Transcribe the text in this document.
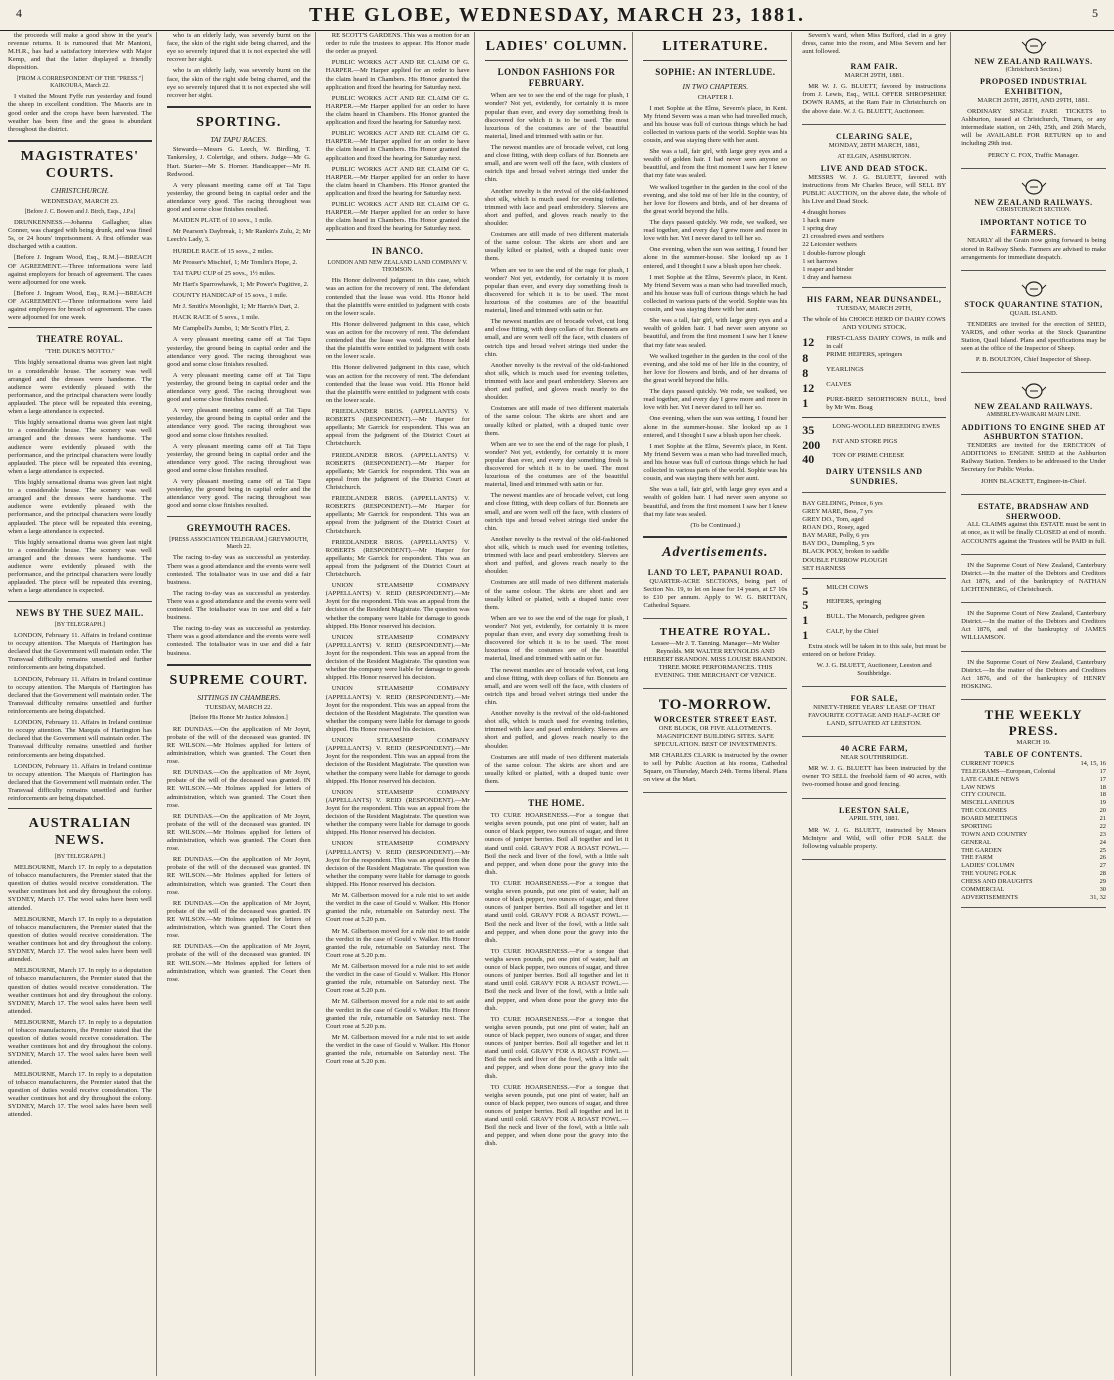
4	THE GLOBE, WEDNESDAY, MARCH 23, 1881.	5

the proceeds will make a good show in the year's revenue returns. It is rumoured that Mr Mantoni, M.H.R., has had a satisfactory interview with Major Kemp, and that the latter displayed a friendly disposition.

[FROM A CORRESPONDENT OF THE "PRESS."] KAIKOURA, March 22.

I visited the Mount Fyffe run yesterday and found the sheep in excellent condition. The Maoris are in good order and the crops have been harvested. The weather has been fine and the grass is abundant throughout the district.

MAGISTRATES' COURTS.
CHRISTCHURCH.

WEDNESDAY, MARCH 23.

[Before J. C. Bowen and J. Birch, Esqs., J.P.s]

DRUNKENNESS.—Johanna Gallagher, alias Conner, was charged with being drunk, and was fined 5s, or 24 hours' imprisonment. A first offender was discharged with a caution.

[Before J. Ingram Wood, Esq., R.M.]—BREACH OF AGREEMENT.—Three informations were laid against employers for breach of agreement. The cases were adjourned for one week.

[Before J. Ingram Wood, Esq., R.M.]—BREACH OF AGREEMENT.—Three informations were laid against employers for breach of agreement. The cases were adjourned for one week.

THEATRE ROYAL.

"THE DUKE'S MOTTO."

This highly sensational drama was given last night to a considerable house. The scenery was well arranged and the dresses were handsome. The audience were evidently pleased with the performance, and the principal characters were loudly applauded. The piece will be repeated this evening, when a large attendance is expected.

This highly sensational drama was given last night to a considerable house. The scenery was well arranged and the dresses were handsome. The audience were evidently pleased with the performance, and the principal characters were loudly applauded. The piece will be repeated this evening, when a large attendance is expected.

This highly sensational drama was given last night to a considerable house. The scenery was well arranged and the dresses were handsome. The audience were evidently pleased with the performance, and the principal characters were loudly applauded. The piece will be repeated this evening, when a large attendance is expected.

This highly sensational drama was given last night to a considerable house. The scenery was well arranged and the dresses were handsome. The audience were evidently pleased with the performance, and the principal characters were loudly applauded. The piece will be repeated this evening, when a large attendance is expected.

NEWS BY THE SUEZ MAIL.

[BY TELEGRAPH.]

LONDON, February 11. Affairs in Ireland continue to occupy attention. The Marquis of Hartington has declared that the Government will maintain order. The Transvaal difficulty remains unsettled and further reinforcements are being dispatched.

LONDON, February 11. Affairs in Ireland continue to occupy attention. The Marquis of Hartington has declared that the Government will maintain order. The Transvaal difficulty remains unsettled and further reinforcements are being dispatched.

LONDON, February 11. Affairs in Ireland continue to occupy attention. The Marquis of Hartington has declared that the Government will maintain order. The Transvaal difficulty remains unsettled and further reinforcements are being dispatched.

LONDON, February 11. Affairs in Ireland continue to occupy attention. The Marquis of Hartington has declared that the Government will maintain order. The Transvaal difficulty remains unsettled and further reinforcements are being dispatched.

AUSTRALIAN NEWS.

[BY TELEGRAPH.]

MELBOURNE, March 17. In reply to a deputation of tobacco manufacturers, the Premier stated that the question of duties would receive consideration. The weather continues hot and dry throughout the colony. SYDNEY, March 17. The wool sales have been well attended.

MELBOURNE, March 17. In reply to a deputation of tobacco manufacturers, the Premier stated that the question of duties would receive consideration. The weather continues hot and dry throughout the colony. SYDNEY, March 17. The wool sales have been well attended.

MELBOURNE, March 17. In reply to a deputation of tobacco manufacturers, the Premier stated that the question of duties would receive consideration. The weather continues hot and dry throughout the colony. SYDNEY, March 17. The wool sales have been well attended.

MELBOURNE, March 17. In reply to a deputation of tobacco manufacturers, the Premier stated that the question of duties would receive consideration. The weather continues hot and dry throughout the colony. SYDNEY, March 17. The wool sales have been well attended.

MELBOURNE, March 17. In reply to a deputation of tobacco manufacturers, the Premier stated that the question of duties would receive consideration. The weather continues hot and dry throughout the colony. SYDNEY, March 17. The wool sales have been well attended.

who is an elderly lady, was severely burnt on the face, the skin of the right side being charred, and the eye so severely injured that it is not expected she will recover her sight.

who is an elderly lady, was severely burnt on the face, the skin of the right side being charred, and the eye so severely injured that it is not expected she will recover her sight.

SPORTING.
TAI TAPU RACES.

Stewards—Messrs G. Leech, W. Birdling, T. Tankersley, J. Coleridge, and others. Judge—Mr G. Hart. Starter—Mr S. Horner. Handicapper—Mr H. Redwood.

A very pleasant meeting came off at Tai Tapu yesterday, the ground being in capital order and the attendance very good. The racing throughout was good and some close finishes resulted.

MAIDEN PLATE of 10 sovs., 1 mile.

Mr Pearson's Daybreak, 1; Mr Rankin's Zulu, 2; Mr Leech's Lady, 3.

HURDLE RACE of 15 sovs., 2 miles.

Mr Prosser's Mischief, 1; Mr Tomlin's Hope, 2.

TAI TAPU CUP of 25 sovs., 1½ miles.

Mr Hart's Sparrowhawk, 1; Mr Power's Fugitive, 2.

COUNTY HANDICAP of 15 sovs., 1 mile.

Mr J. Smith's Moonlight, 1; Mr Harris's Dart, 2.

HACK RACE of 5 sovs., 1 mile.

Mr Campbell's Jumbo, 1; Mr Scott's Flirt, 2.

A very pleasant meeting came off at Tai Tapu yesterday, the ground being in capital order and the attendance very good. The racing throughout was good and some close finishes resulted.

A very pleasant meeting came off at Tai Tapu yesterday, the ground being in capital order and the attendance very good. The racing throughout was good and some close finishes resulted.

A very pleasant meeting came off at Tai Tapu yesterday, the ground being in capital order and the attendance very good. The racing throughout was good and some close finishes resulted.

A very pleasant meeting came off at Tai Tapu yesterday, the ground being in capital order and the attendance very good. The racing throughout was good and some close finishes resulted.

A very pleasant meeting came off at Tai Tapu yesterday, the ground being in capital order and the attendance very good. The racing throughout was good and some close finishes resulted.

GREYMOUTH RACES.

[PRESS ASSOCIATION TELEGRAM.] GREYMOUTH, March 22.

The racing to-day was as successful as yesterday. There was a good attendance and the events were well contested. The totalisator was in use and did a fair business.

The racing to-day was as successful as yesterday. There was a good attendance and the events were well contested. The totalisator was in use and did a fair business.

The racing to-day was as successful as yesterday. There was a good attendance and the events were well contested. The totalisator was in use and did a fair business.

SUPREME COURT.
SITTINGS IN CHAMBERS.

TUESDAY, MARCH 22.

[Before His Honor Mr Justice Johnston.]

RE DUNDAS.—On the application of Mr Joynt, probate of the will of the deceased was granted. IN RE WILSON.—Mr Holmes applied for letters of administration, which was granted. The Court then rose.

RE DUNDAS.—On the application of Mr Joynt, probate of the will of the deceased was granted. IN RE WILSON.—Mr Holmes applied for letters of administration, which was granted. The Court then rose.

RE DUNDAS.—On the application of Mr Joynt, probate of the will of the deceased was granted. IN RE WILSON.—Mr Holmes applied for letters of administration, which was granted. The Court then rose.

RE DUNDAS.—On the application of Mr Joynt, probate of the will of the deceased was granted. IN RE WILSON.—Mr Holmes applied for letters of administration, which was granted. The Court then rose.

RE DUNDAS.—On the application of Mr Joynt, probate of the will of the deceased was granted. IN RE WILSON.—Mr Holmes applied for letters of administration, which was granted. The Court then rose.

RE DUNDAS.—On the application of Mr Joynt, probate of the will of the deceased was granted. IN RE WILSON.—Mr Holmes applied for letters of administration, which was granted. The Court then rose.

RE SCOTT'S GARDENS. This was a motion for an order to rule the trustees to appear. His Honor made the order as prayed.

PUBLIC WORKS ACT AND RE CLAIM OF G. HARPER.—Mr Harper applied for an order to have the claim heard in Chambers. His Honor granted the application and fixed the hearing for Saturday next.

PUBLIC WORKS ACT AND RE CLAIM OF G. HARPER.—Mr Harper applied for an order to have the claim heard in Chambers. His Honor granted the application and fixed the hearing for Saturday next.

PUBLIC WORKS ACT AND RE CLAIM OF G. HARPER.—Mr Harper applied for an order to have the claim heard in Chambers. His Honor granted the application and fixed the hearing for Saturday next.

PUBLIC WORKS ACT AND RE CLAIM OF G. HARPER.—Mr Harper applied for an order to have the claim heard in Chambers. His Honor granted the application and fixed the hearing for Saturday next.

PUBLIC WORKS ACT AND RE CLAIM OF G. HARPER.—Mr Harper applied for an order to have the claim heard in Chambers. His Honor granted the application and fixed the hearing for Saturday next.

IN BANCO.

LONDON AND NEW ZEALAND LAND COMPANY V. THOMSON.

His Honor delivered judgment in this case, which was an action for the recovery of rent. The defendant contended that the lease was void. His Honor held that the plaintiffs were entitled to judgment with costs on the lower scale.

His Honor delivered judgment in this case, which was an action for the recovery of rent. The defendant contended that the lease was void. His Honor held that the plaintiffs were entitled to judgment with costs on the lower scale.

His Honor delivered judgment in this case, which was an action for the recovery of rent. The defendant contended that the lease was void. His Honor held that the plaintiffs were entitled to judgment with costs on the lower scale.

FRIEDLANDER BROS. (APPELLANTS) V. ROBERTS (RESPONDENT).—Mr Harper for appellants; Mr Garrick for respondent. This was an appeal from the judgment of the District Court at Christchurch.

FRIEDLANDER BROS. (APPELLANTS) V. ROBERTS (RESPONDENT).—Mr Harper for appellants; Mr Garrick for respondent. This was an appeal from the judgment of the District Court at Christchurch.

FRIEDLANDER BROS. (APPELLANTS) V. ROBERTS (RESPONDENT).—Mr Harper for appellants; Mr Garrick for respondent. This was an appeal from the judgment of the District Court at Christchurch.

FRIEDLANDER BROS. (APPELLANTS) V. ROBERTS (RESPONDENT).—Mr Harper for appellants; Mr Garrick for respondent. This was an appeal from the judgment of the District Court at Christchurch.

UNION STEAMSHIP COMPANY (APPELLANTS) V. REID (RESPONDENT).—Mr Joynt for the respondent. This was an appeal from the decision of the Resident Magistrate. The question was whether the company were liable for damage to goods shipped. His Honor reserved his decision.

UNION STEAMSHIP COMPANY (APPELLANTS) V. REID (RESPONDENT).—Mr Joynt for the respondent. This was an appeal from the decision of the Resident Magistrate. The question was whether the company were liable for damage to goods shipped. His Honor reserved his decision.

UNION STEAMSHIP COMPANY (APPELLANTS) V. REID (RESPONDENT).—Mr Joynt for the respondent. This was an appeal from the decision of the Resident Magistrate. The question was whether the company were liable for damage to goods shipped. His Honor reserved his decision.

UNION STEAMSHIP COMPANY (APPELLANTS) V. REID (RESPONDENT).—Mr Joynt for the respondent. This was an appeal from the decision of the Resident Magistrate. The question was whether the company were liable for damage to goods shipped. His Honor reserved his decision.

UNION STEAMSHIP COMPANY (APPELLANTS) V. REID (RESPONDENT).—Mr Joynt for the respondent. This was an appeal from the decision of the Resident Magistrate. The question was whether the company were liable for damage to goods shipped. His Honor reserved his decision.

UNION STEAMSHIP COMPANY (APPELLANTS) V. REID (RESPONDENT).—Mr Joynt for the respondent. This was an appeal from the decision of the Resident Magistrate. The question was whether the company were liable for damage to goods shipped. His Honor reserved his decision.

Mr M. Gilbertson moved for a rule nisi to set aside the verdict in the case of Gould v. Walker. His Honor granted the rule, returnable on Saturday next. The Court rose at 5.20 p.m.

Mr M. Gilbertson moved for a rule nisi to set aside the verdict in the case of Gould v. Walker. His Honor granted the rule, returnable on Saturday next. The Court rose at 5.20 p.m.

Mr M. Gilbertson moved for a rule nisi to set aside the verdict in the case of Gould v. Walker. His Honor granted the rule, returnable on Saturday next. The Court rose at 5.20 p.m.

Mr M. Gilbertson moved for a rule nisi to set aside the verdict in the case of Gould v. Walker. His Honor granted the rule, returnable on Saturday next. The Court rose at 5.20 p.m.

Mr M. Gilbertson moved for a rule nisi to set aside the verdict in the case of Gould v. Walker. His Honor granted the rule, returnable on Saturday next. The Court rose at 5.20 p.m.

LADIES' COLUMN.
LONDON FASHIONS FOR FEBRUARY.

When are we to see the end of the rage for plush, I wonder? Not yet, evidently, for certainly it is more popular than ever, and every day something fresh is discovered for which it is to be used. The most luxurious of the costumes are of the beautiful material, lined and trimmed with satin or fur.

The newest mantles are of brocade velvet, cut long and close fitting, with deep collars of fur. Bonnets are small, and are worn well off the face, with clusters of ostrich tips and broad velvet strings tied under the chin.

Another novelty is the revival of the old-fashioned shot silk, which is much used for evening toilettes, trimmed with lace and pearl embroidery. Sleeves are short and puffed, and gloves reach nearly to the shoulder.

Costumes are still made of two different materials of the same colour. The skirts are short and are usually kilted or plaited, with a draped tunic over them.

When are we to see the end of the rage for plush, I wonder? Not yet, evidently, for certainly it is more popular than ever, and every day something fresh is discovered for which it is to be used. The most luxurious of the costumes are of the beautiful material, lined and trimmed with satin or fur.

The newest mantles are of brocade velvet, cut long and close fitting, with deep collars of fur. Bonnets are small, and are worn well off the face, with clusters of ostrich tips and broad velvet strings tied under the chin.

Another novelty is the revival of the old-fashioned shot silk, which is much used for evening toilettes, trimmed with lace and pearl embroidery. Sleeves are short and puffed, and gloves reach nearly to the shoulder.

Costumes are still made of two different materials of the same colour. The skirts are short and are usually kilted or plaited, with a draped tunic over them.

When are we to see the end of the rage for plush, I wonder? Not yet, evidently, for certainly it is more popular than ever, and every day something fresh is discovered for which it is to be used. The most luxurious of the costumes are of the beautiful material, lined and trimmed with satin or fur.

The newest mantles are of brocade velvet, cut long and close fitting, with deep collars of fur. Bonnets are small, and are worn well off the face, with clusters of ostrich tips and broad velvet strings tied under the chin.

Another novelty is the revival of the old-fashioned shot silk, which is much used for evening toilettes, trimmed with lace and pearl embroidery. Sleeves are short and puffed, and gloves reach nearly to the shoulder.

Costumes are still made of two different materials of the same colour. The skirts are short and are usually kilted or plaited, with a draped tunic over them.

When are we to see the end of the rage for plush, I wonder? Not yet, evidently, for certainly it is more popular than ever, and every day something fresh is discovered for which it is to be used. The most luxurious of the costumes are of the beautiful material, lined and trimmed with satin or fur.

The newest mantles are of brocade velvet, cut long and close fitting, with deep collars of fur. Bonnets are small, and are worn well off the face, with clusters of ostrich tips and broad velvet strings tied under the chin.

Another novelty is the revival of the old-fashioned shot silk, which is much used for evening toilettes, trimmed with lace and pearl embroidery. Sleeves are short and puffed, and gloves reach nearly to the shoulder.

Costumes are still made of two different materials of the same colour. The skirts are short and are usually kilted or plaited, with a draped tunic over them.

THE HOME.

TO CURE HOARSENESS.—For a tongue that weighs seven pounds, put one pint of water, half an ounce of black pepper, two ounces of sugar, and three ounces of juniper berries. Boil all together and let it stand until cold. GRAVY FOR A ROAST FOWL.—Boil the neck and liver of the fowl, with a little salt and pepper, and when done pour the gravy into the dish.

TO CURE HOARSENESS.—For a tongue that weighs seven pounds, put one pint of water, half an ounce of black pepper, two ounces of sugar, and three ounces of juniper berries. Boil all together and let it stand until cold. GRAVY FOR A ROAST FOWL.—Boil the neck and liver of the fowl, with a little salt and pepper, and when done pour the gravy into the dish.

TO CURE HOARSENESS.—For a tongue that weighs seven pounds, put one pint of water, half an ounce of black pepper, two ounces of sugar, and three ounces of juniper berries. Boil all together and let it stand until cold. GRAVY FOR A ROAST FOWL.—Boil the neck and liver of the fowl, with a little salt and pepper, and when done pour the gravy into the dish.

TO CURE HOARSENESS.—For a tongue that weighs seven pounds, put one pint of water, half an ounce of black pepper, two ounces of sugar, and three ounces of juniper berries. Boil all together and let it stand until cold. GRAVY FOR A ROAST FOWL.—Boil the neck and liver of the fowl, with a little salt and pepper, and when done pour the gravy into the dish.

TO CURE HOARSENESS.—For a tongue that weighs seven pounds, put one pint of water, half an ounce of black pepper, two ounces of sugar, and three ounces of juniper berries. Boil all together and let it stand until cold. GRAVY FOR A ROAST FOWL.—Boil the neck and liver of the fowl, with a little salt and pepper, and when done pour the gravy into the dish.

LITERATURE.
SOPHIE: AN INTERLUDE.
IN TWO CHAPTERS.

CHAPTER I.

I met Sophie at the Elms, Severn's place, in Kent. My friend Severn was a man who had travelled much, and his house was full of curious things which he had collected in various parts of the world. Sophie was his cousin, and was staying there with her aunt.

She was a tall, fair girl, with large grey eyes and a wealth of golden hair. I had never seen anyone so beautiful, and from the first moment I saw her I knew that my fate was sealed.

We walked together in the garden in the cool of the evening, and she told me of her life in the country, of her love for flowers and birds, and of her dreams of the great world beyond the hills.

The days passed quickly. We rode, we walked, we read together, and every day I grew more and more in love with her. Yet I never dared to tell her so.

One evening, when the sun was setting, I found her alone in the summer-house. She looked up as I entered, and I thought I saw a blush upon her cheek.

I met Sophie at the Elms, Severn's place, in Kent. My friend Severn was a man who had travelled much, and his house was full of curious things which he had collected in various parts of the world. Sophie was his cousin, and was staying there with her aunt.

She was a tall, fair girl, with large grey eyes and a wealth of golden hair. I had never seen anyone so beautiful, and from the first moment I saw her I knew that my fate was sealed.

We walked together in the garden in the cool of the evening, and she told me of her life in the country, of her love for flowers and birds, and of her dreams of the great world beyond the hills.

The days passed quickly. We rode, we walked, we read together, and every day I grew more and more in love with her. Yet I never dared to tell her so.

One evening, when the sun was setting, I found her alone in the summer-house. She looked up as I entered, and I thought I saw a blush upon her cheek.

I met Sophie at the Elms, Severn's place, in Kent. My friend Severn was a man who had travelled much, and his house was full of curious things which he had collected in various parts of the world. Sophie was his cousin, and was staying there with her aunt.

She was a tall, fair girl, with large grey eyes and a wealth of golden hair. I had never seen anyone so beautiful, and from the first moment I saw her I knew that my fate was sealed.

(To be Continued.)

Advertisements.
LAND TO LET, PAPANUI ROAD.

QUARTER-ACRE SECTIONS, being part of Section No. 19, to let on lease for 14 years, at £7 10s to £10 per annum. Apply to W. G. BRITTAN, Cathedral Square.

THEATRE ROYAL.

Lessee—Mr J. T. Tanning. Manager—Mr Walter Reynolds. MR WALTER REYNOLDS AND HERBERT BRANDON. MISS LOUISE BRANDON. THREE MORE PERFORMANCES. THIS EVENING. THE MERCHANT OF VENICE.

TO-MORROW.
WORCESTER STREET EAST.

ONE BLOCK, OR FIVE ALLOTMENTS. MAGNIFICENT BUILDING SITES. SAFE SPECULATION. BEST OF INVESTMENTS.

MR CHARLES CLARK is instructed by the owner to sell by Public Auction at his rooms, Cathedral Square, on Thursday, March 24th. Terms liberal. Plans on view at the Mart.

Severn's ward, when Miss Bufford, clad in a grey dress, came into the room, and Miss Severn and her aunt followed.

RAM FAIR.

MARCH 29TH, 1881.

MR W. J. G. BLUETT, favored by instructions from J. Lewis, Esq., WILL OFFER SHROPSHIRE DOWN RAMS, at the Ram Fair in Christchurch on the above date. W. J. G. BLUETT, Auctioneer.

CLEARING SALE,

MONDAY, 28TH MARCH, 1881,

AT ELGIN, ASHBURTON.

LIVE AND DEAD STOCK.

MESSRS W. J. G. BLUETT, favored with instructions from Mr Charles Bruce, will SELL BY PUBLIC AUCTION, on the above date, the whole of his Live and Dead Stock.

4 draught horses
1 hack mare
1 spring dray
21 crossbred ewes and wethers
22 Leicester wethers
1 double-furrow plough
1 set harrows
1 reaper and binder
1 dray and harness
HIS FARM, NEAR DUNSANDEL,

TUESDAY, MARCH 29TH,

The whole of his CHOICE HERD OF DAIRY COWS AND YOUNG STOCK.

12	FIRST-CLASS DAIRY COWS, in milk and in calf
8	PRIME HEIFERS, springers
8	YEARLINGS
12	CALVES
1	PURE-BRED SHORTHORN BULL, bred by Mr Wm. Boag
35	LONG-WOOLLED BREEDING EWES
200	FAT AND STORE PIGS
40	TON OF PRIME CHEESE
DAIRY UTENSILS AND SUNDRIES.
BAY GELDING, Prince, 6 yrs
GREY MARE, Bess, 7 yrs
GREY DO., Tom, aged
ROAN DO., Rosey, aged
BAY MARE, Polly, 6 yrs
BAY DO., Dumpling, 5 yrs
BLACK POLY, broken to saddle
DOUBLE FURROW PLOUGH
SET HARNESS
5	MILCH COWS
5	HEIFERS, springing
1	BULL. The Monarch, pedigree given
1	CALF, by the Chief

Extra stock will be taken in to this sale, but must be entered on or before Friday.

W. J. G. BLUETT, Auctioneer, Leeston and Southbridge.

FOR SALE,

NINETY-THREE YEARS' LEASE OF THAT FAVOURITE COTTAGE AND HALF-ACRE OF LAND, SITUATED AT LEESTON.

40 ACRE FARM,

NEAR SOUTHBRIDGE.

MR W. J. G. BLUETT has been instructed by the owner TO SELL the freehold farm of 40 acres, with two-roomed house and good fencing.

LEESTON SALE,

APRIL 5TH, 1881.

MR W. J. G. BLUETT, instructed by Messrs McIntyre and Wild, will offer FOR SALE the following valuable property.

NEW ZEALAND RAILWAYS.

(Christchurch Section.)

PROPOSED INDUSTRIAL EXHIBITION,

MARCH 26TH, 28TH, AND 29TH, 1881.

ORDINARY SINGLE FARE TICKETS to Ashburton, issued at Christchurch, Timaru, or any intermediate station, on 24th, 25th, and 26th March, will be AVAILABLE FOR RETURN up to and including 29th inst.

PERCY C. FOX, Traffic Manager.

NEW ZEALAND RAILWAYS.

CHRISTCHURCH SECTION.

IMPORTANT NOTICE TO FARMERS.

NEARLY all the Grain now going forward is being stored in Railway Sheds. Farmers are advised to make arrangements for immediate despatch.

STOCK QUARANTINE STATION,

QUAIL ISLAND.

TENDERS are invited for the erection of SHED, YARDS, and other works at the Stock Quarantine Station, Quail Island. Plans and specifications may be seen at the office of the Inspector of Sheep.

P. B. BOULTON, Chief Inspector of Sheep.

NEW ZEALAND RAILWAYS.

AMBERLEY-WAIKARI MAIN LINE.

ADDITIONS TO ENGINE SHED AT ASHBURTON STATION.

TENDERS are invited for the ERECTION of ADDITIONS to ENGINE SHED at the Ashburton Railway Station. Tenders to be addressed to the Under Secretary for Public Works.

JOHN BLACKETT, Engineer-in-Chief.

ESTATE, BRADSHAW AND SHERWOOD.

ALL CLAIMS against this ESTATE must be sent in at once, as it will be finally CLOSED at end of month. ACCOUNTS against the Trustees will be PAID in full.

IN the Supreme Court of New Zealand, Canterbury District.—In the matter of the Debtors and Creditors Act 1876, and of the bankruptcy of NATHAN LICHTENBERG, of Christchurch.

IN the Supreme Court of New Zealand, Canterbury District.—In the matter of the Debtors and Creditors Act 1876, and of the bankruptcy of JAMES WILLIAMSON.

IN the Supreme Court of New Zealand, Canterbury District.—In the matter of the Debtors and Creditors Act 1876, and of the bankruptcy of HENRY HOSKING.

THE WEEKLY PRESS.

MARCH 19.

TABLE OF CONTENTS.
CURRENT TOPICS	14, 15, 16
TELEGRAMS—European, Colonial	17
LATE CABLE NEWS	17
LAW NEWS	18
CITY COUNCIL	18
MISCELLANEOUS	19
THE COLONIES	20
BOARD MEETINGS	21
SPORTING	22
TOWN AND COUNTRY	23
GENERAL	24
THE GARDEN	25
THE FARM	26
LADIES' COLUMN	27
THE YOUNG FOLK	28
CHESS AND DRAUGHTS	29
COMMERCIAL	30
ADVERTISEMENTS	31, 32
